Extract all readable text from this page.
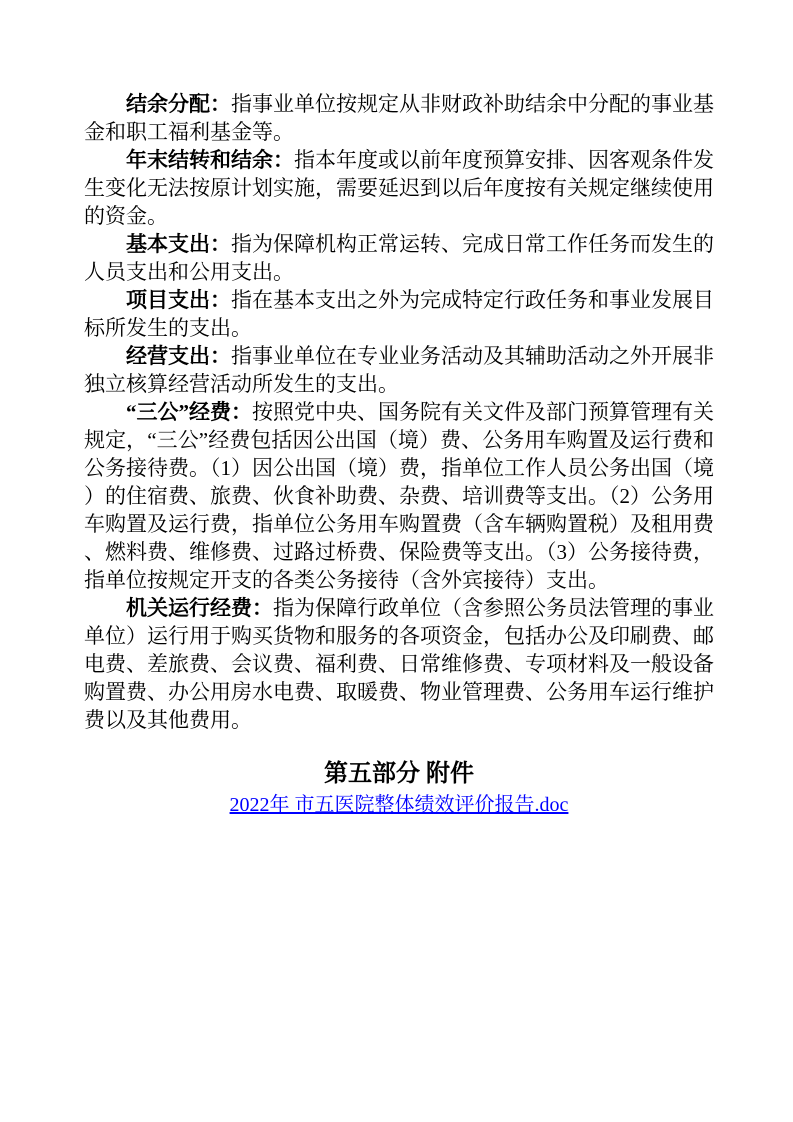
结余分配：指事业单位按规定从非财政补助结余中分配的事业基金和职工福利基金等。

年末结转和结余：指本年度或以前年度预算安排、因客观条件发生变化无法按原计划实施，需要延迟到以后年度按有关规定继续使用的资金。

基本支出：指为保障机构正常运转、完成日常工作任务而发生的人员支出和公用支出。

项目支出：指在基本支出之外为完成特定行政任务和事业发展目标所发生的支出。

经营支出：指事业单位在专业业务活动及其辅助活动之外开展非独立核算经营活动所发生的支出。

“三公”经费：按照党中央、国务院有关文件及部门预算管理有关规定，“三公”经费包括因公出国（境）费、公务用车购置及运行费和公务接待费。（1）因公出国（境）费，指单位工作人员公务出国（境）的住宿费、旅费、伙食补助费、杂费、培训费等支出。（2）公务用车购置及运行费，指单位公务用车购置费（含车辆购置税）及租用费、燃料费、维修费、过路过桥费、保险费等支出。（3）公务接待费，指单位按规定开支的各类公务接待（含外宾接待）支出。

机关运行经费：指为保障行政单位（含参照公务员法管理的事业单位）运行用于购买货物和服务的各项资金，包括办公及印刷费、邮电费、差旅费、会议费、福利费、日常维修费、专项材料及一般设备购置费、办公用房水电费、取暖费、物业管理费、公务用车运行维护费以及其他费用。

第五部分 附件
2022年 市五医院整体绩效评价报告.doc
